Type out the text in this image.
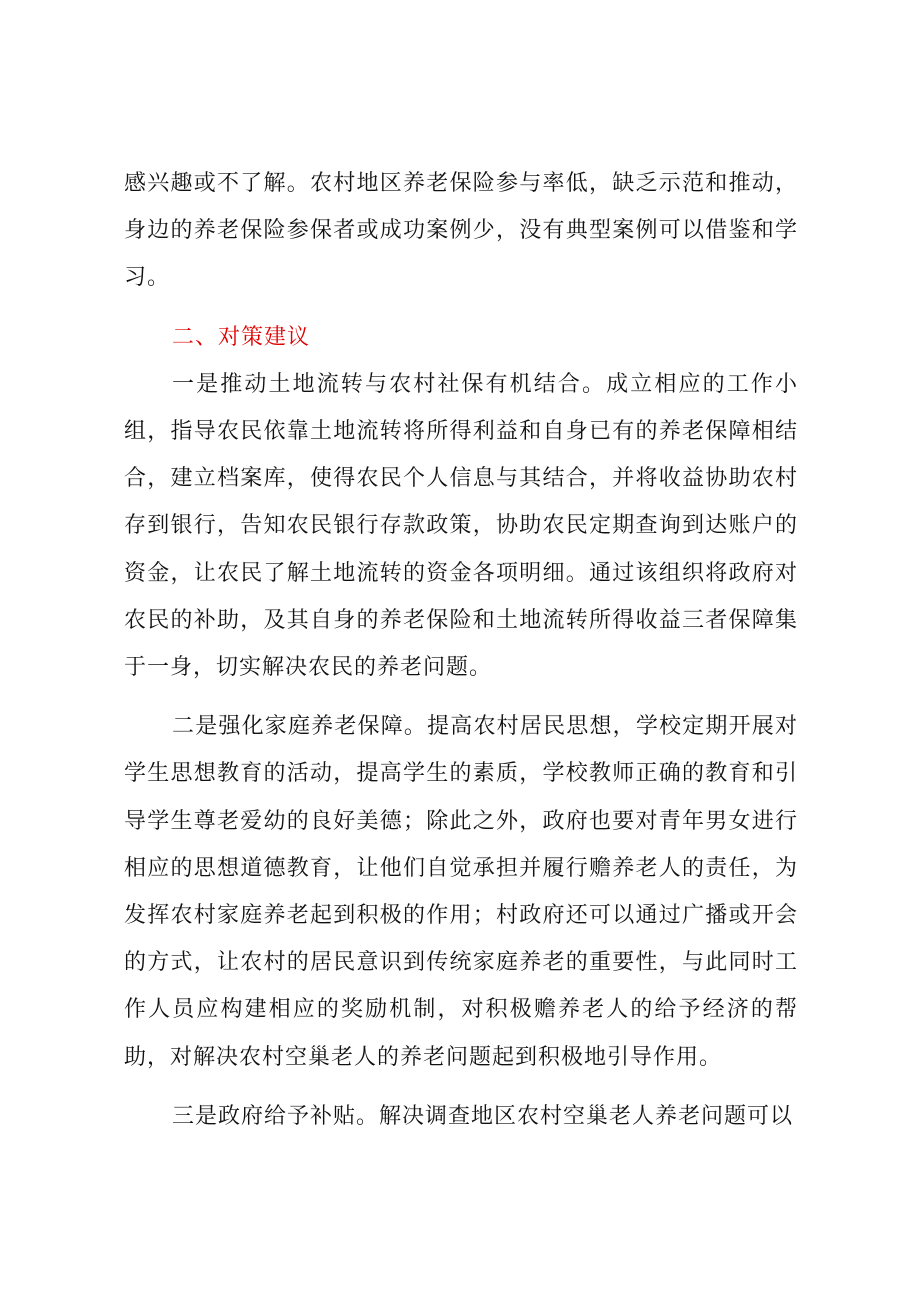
感兴趣或不了解。农村地区养老保险参与率低，缺乏示范和推动，身边的养老保险参保者或成功案例少，没有典型案例可以借鉴和学习。

二、对策建议

一是推动土地流转与农村社保有机结合。成立相应的工作小组，指导农民依靠土地流转将所得利益和自身已有的养老保障相结合，建立档案库，使得农民个人信息与其结合，并将收益协助农村存到银行，告知农民银行存款政策，协助农民定期查询到达账户的资金，让农民了解土地流转的资金各项明细。通过该组织将政府对农民的补助，及其自身的养老保险和土地流转所得收益三者保障集于一身，切实解决农民的养老问题。

二是强化家庭养老保障。提高农村居民思想，学校定期开展对学生思想教育的活动，提高学生的素质，学校教师正确的教育和引导学生尊老爱幼的良好美德；除此之外，政府也要对青年男女进行相应的思想道德教育，让他们自觉承担并履行赡养老人的责任，为发挥农村家庭养老起到积极的作用；村政府还可以通过广播或开会的方式，让农村的居民意识到传统家庭养老的重要性，与此同时工作人员应构建相应的奖励机制，对积极赡养老人的给予经济的帮助，对解决农村空巢老人的养老问题起到积极地引导作用。

三是政府给予补贴。解决调查地区农村空巢老人养老问题可以
